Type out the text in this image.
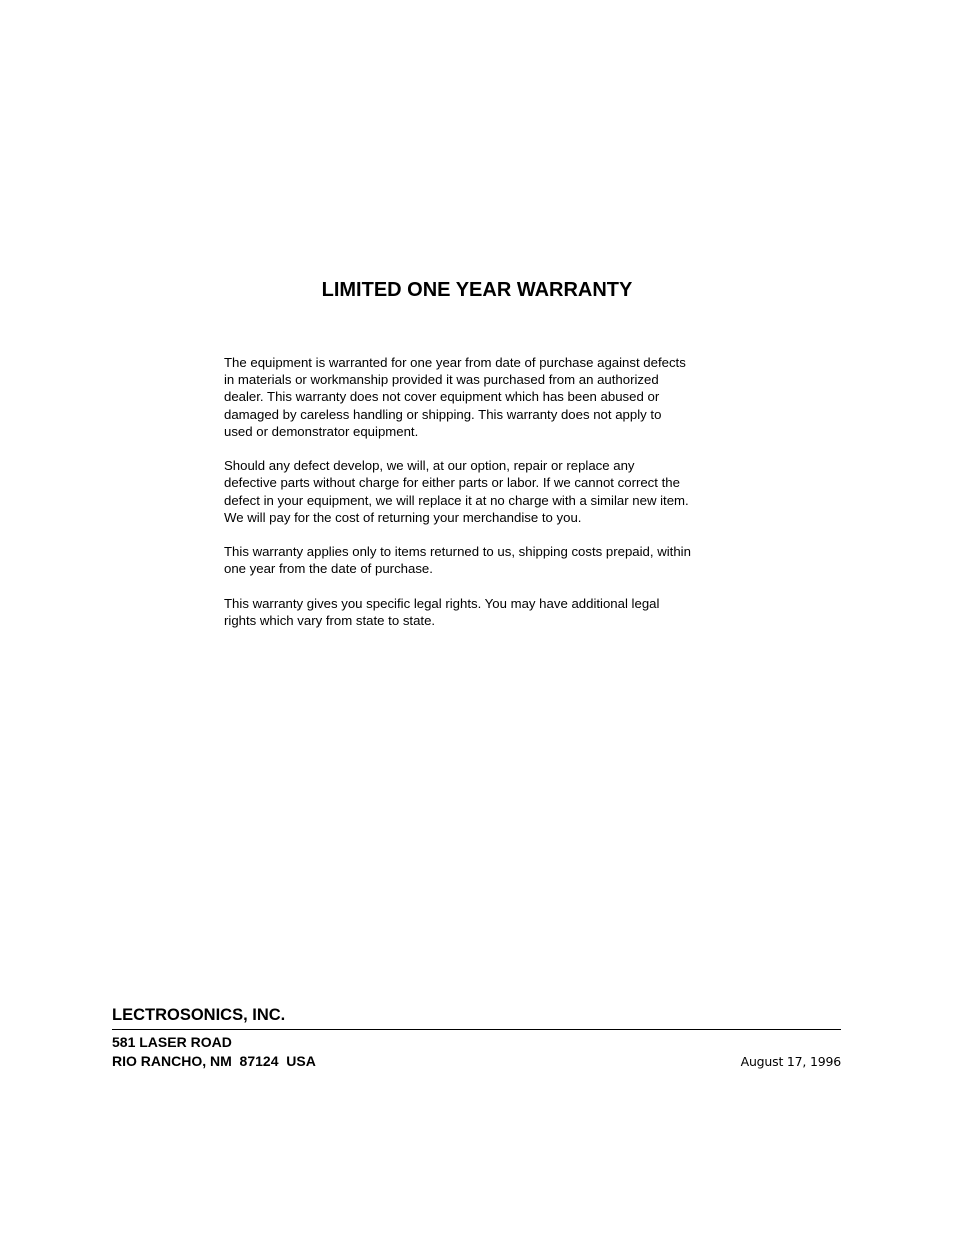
LIMITED ONE YEAR WARRANTY

The equipment is warranted for one year from date of purchase against defects
in materials or workmanship provided it was purchased from an authorized
dealer. This warranty does not cover equipment which has been abused or
damaged by careless handling or shipping. This warranty does not apply to
used or demonstrator equipment.

Should any defect develop, we will, at our option, repair or replace any
defective parts without charge for either parts or labor. If we cannot correct the
defect in your equipment, we will replace it at no charge with a similar new item.
We will pay for the cost of returning your merchandise to you.

This warranty applies only to items returned to us, shipping costs prepaid, within
one year from the date of purchase.

This warranty gives you specific legal rights. You may have additional legal
rights which vary from state to state.

LECTROSONICS, INC.
581 LASER ROAD
RIO RANCHO, NM  87124  USA	August 17, 1996
